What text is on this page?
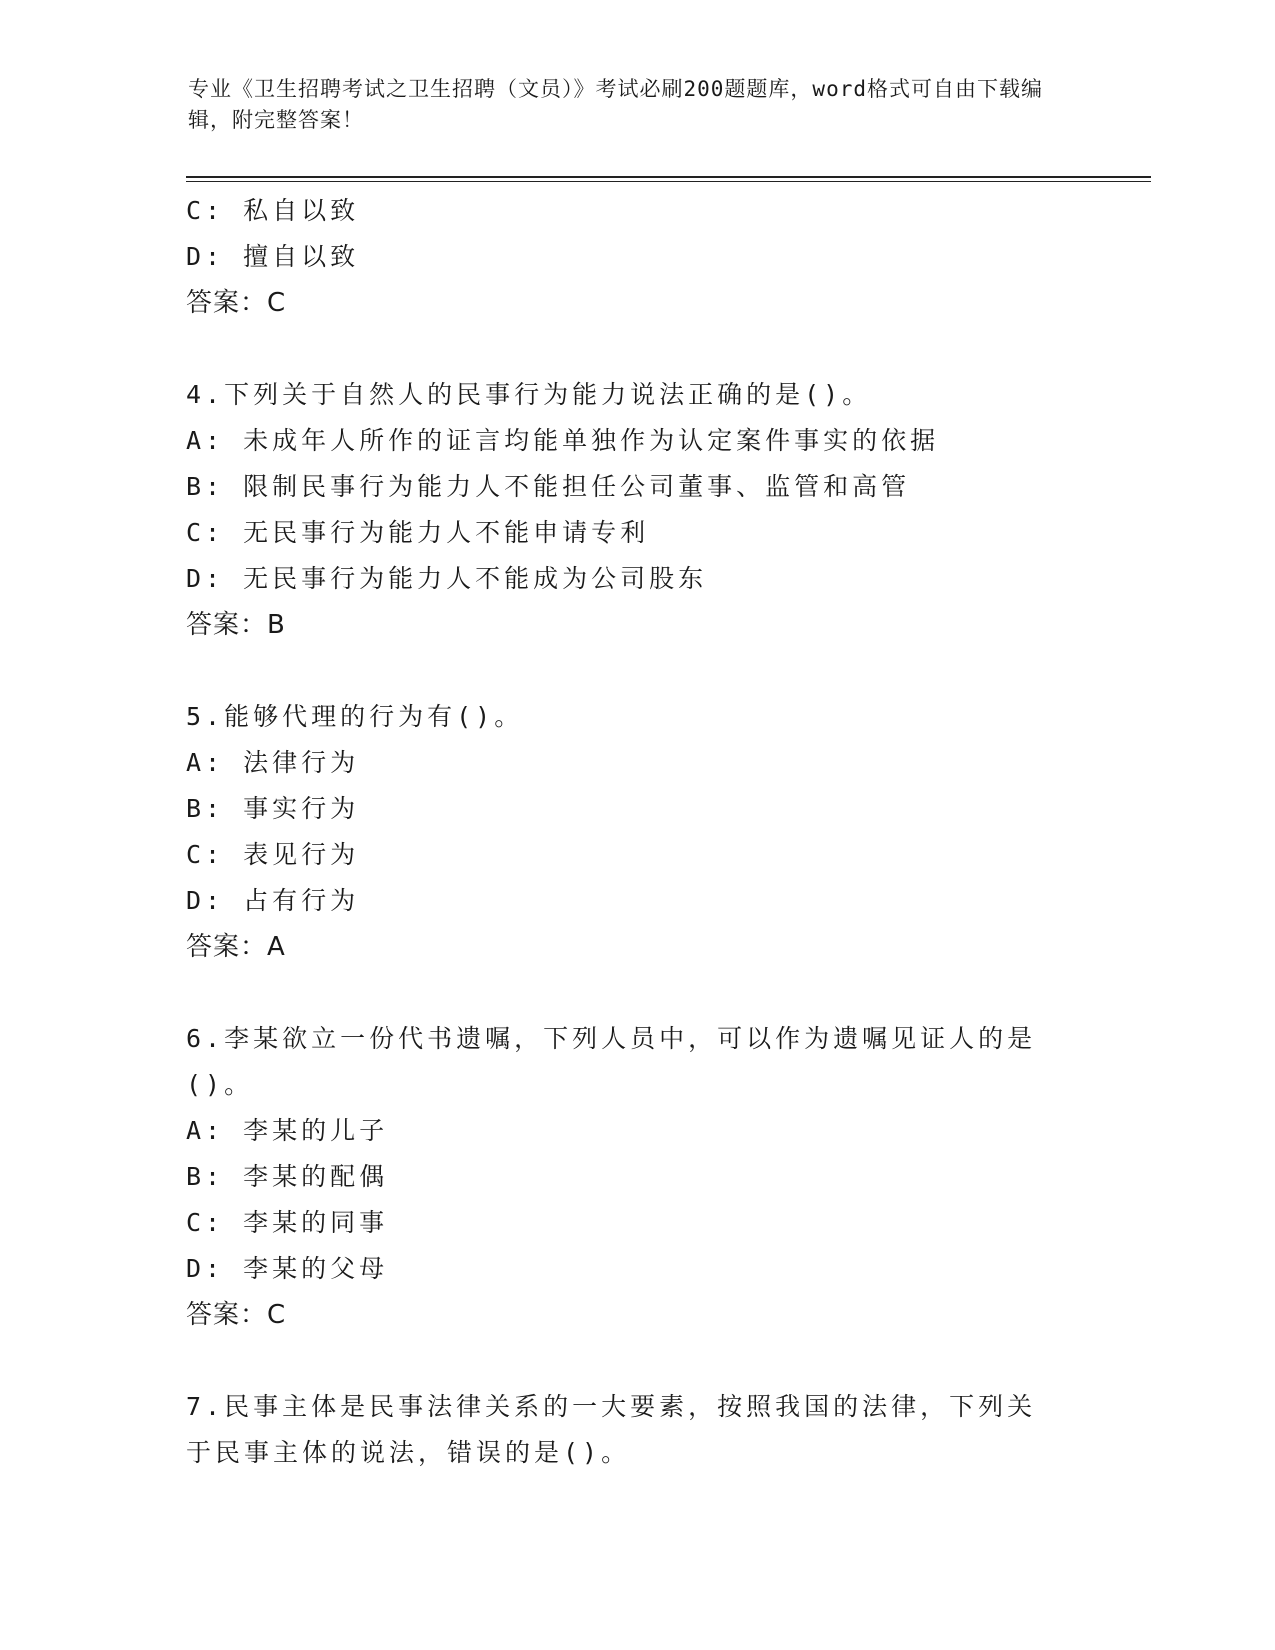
专业《卫生招聘考试之卫生招聘（文员）》考试必刷200题题库，word格式可自由下载编辑，附完整答案！
C: 私自以致
D: 擅自以致
答案：C
4.下列关于自然人的民事行为能力说法正确的是()。
A: 未成年人所作的证言均能单独作为认定案件事实的依据
B: 限制民事行为能力人不能担任公司董事、监管和高管
C: 无民事行为能力人不能申请专利
D: 无民事行为能力人不能成为公司股东
答案：B
5.能够代理的行为有()。
A: 法律行为
B: 事实行为
C: 表见行为
D: 占有行为
答案：A
6.李某欲立一份代书遗嘱，下列人员中，可以作为遗嘱见证人的是()。
A: 李某的儿子
B: 李某的配偶
C: 李某的同事
D: 李某的父母
答案：C
7.民事主体是民事法律关系的一大要素，按照我国的法律，下列关于民事主体的说法，错误的是()。
